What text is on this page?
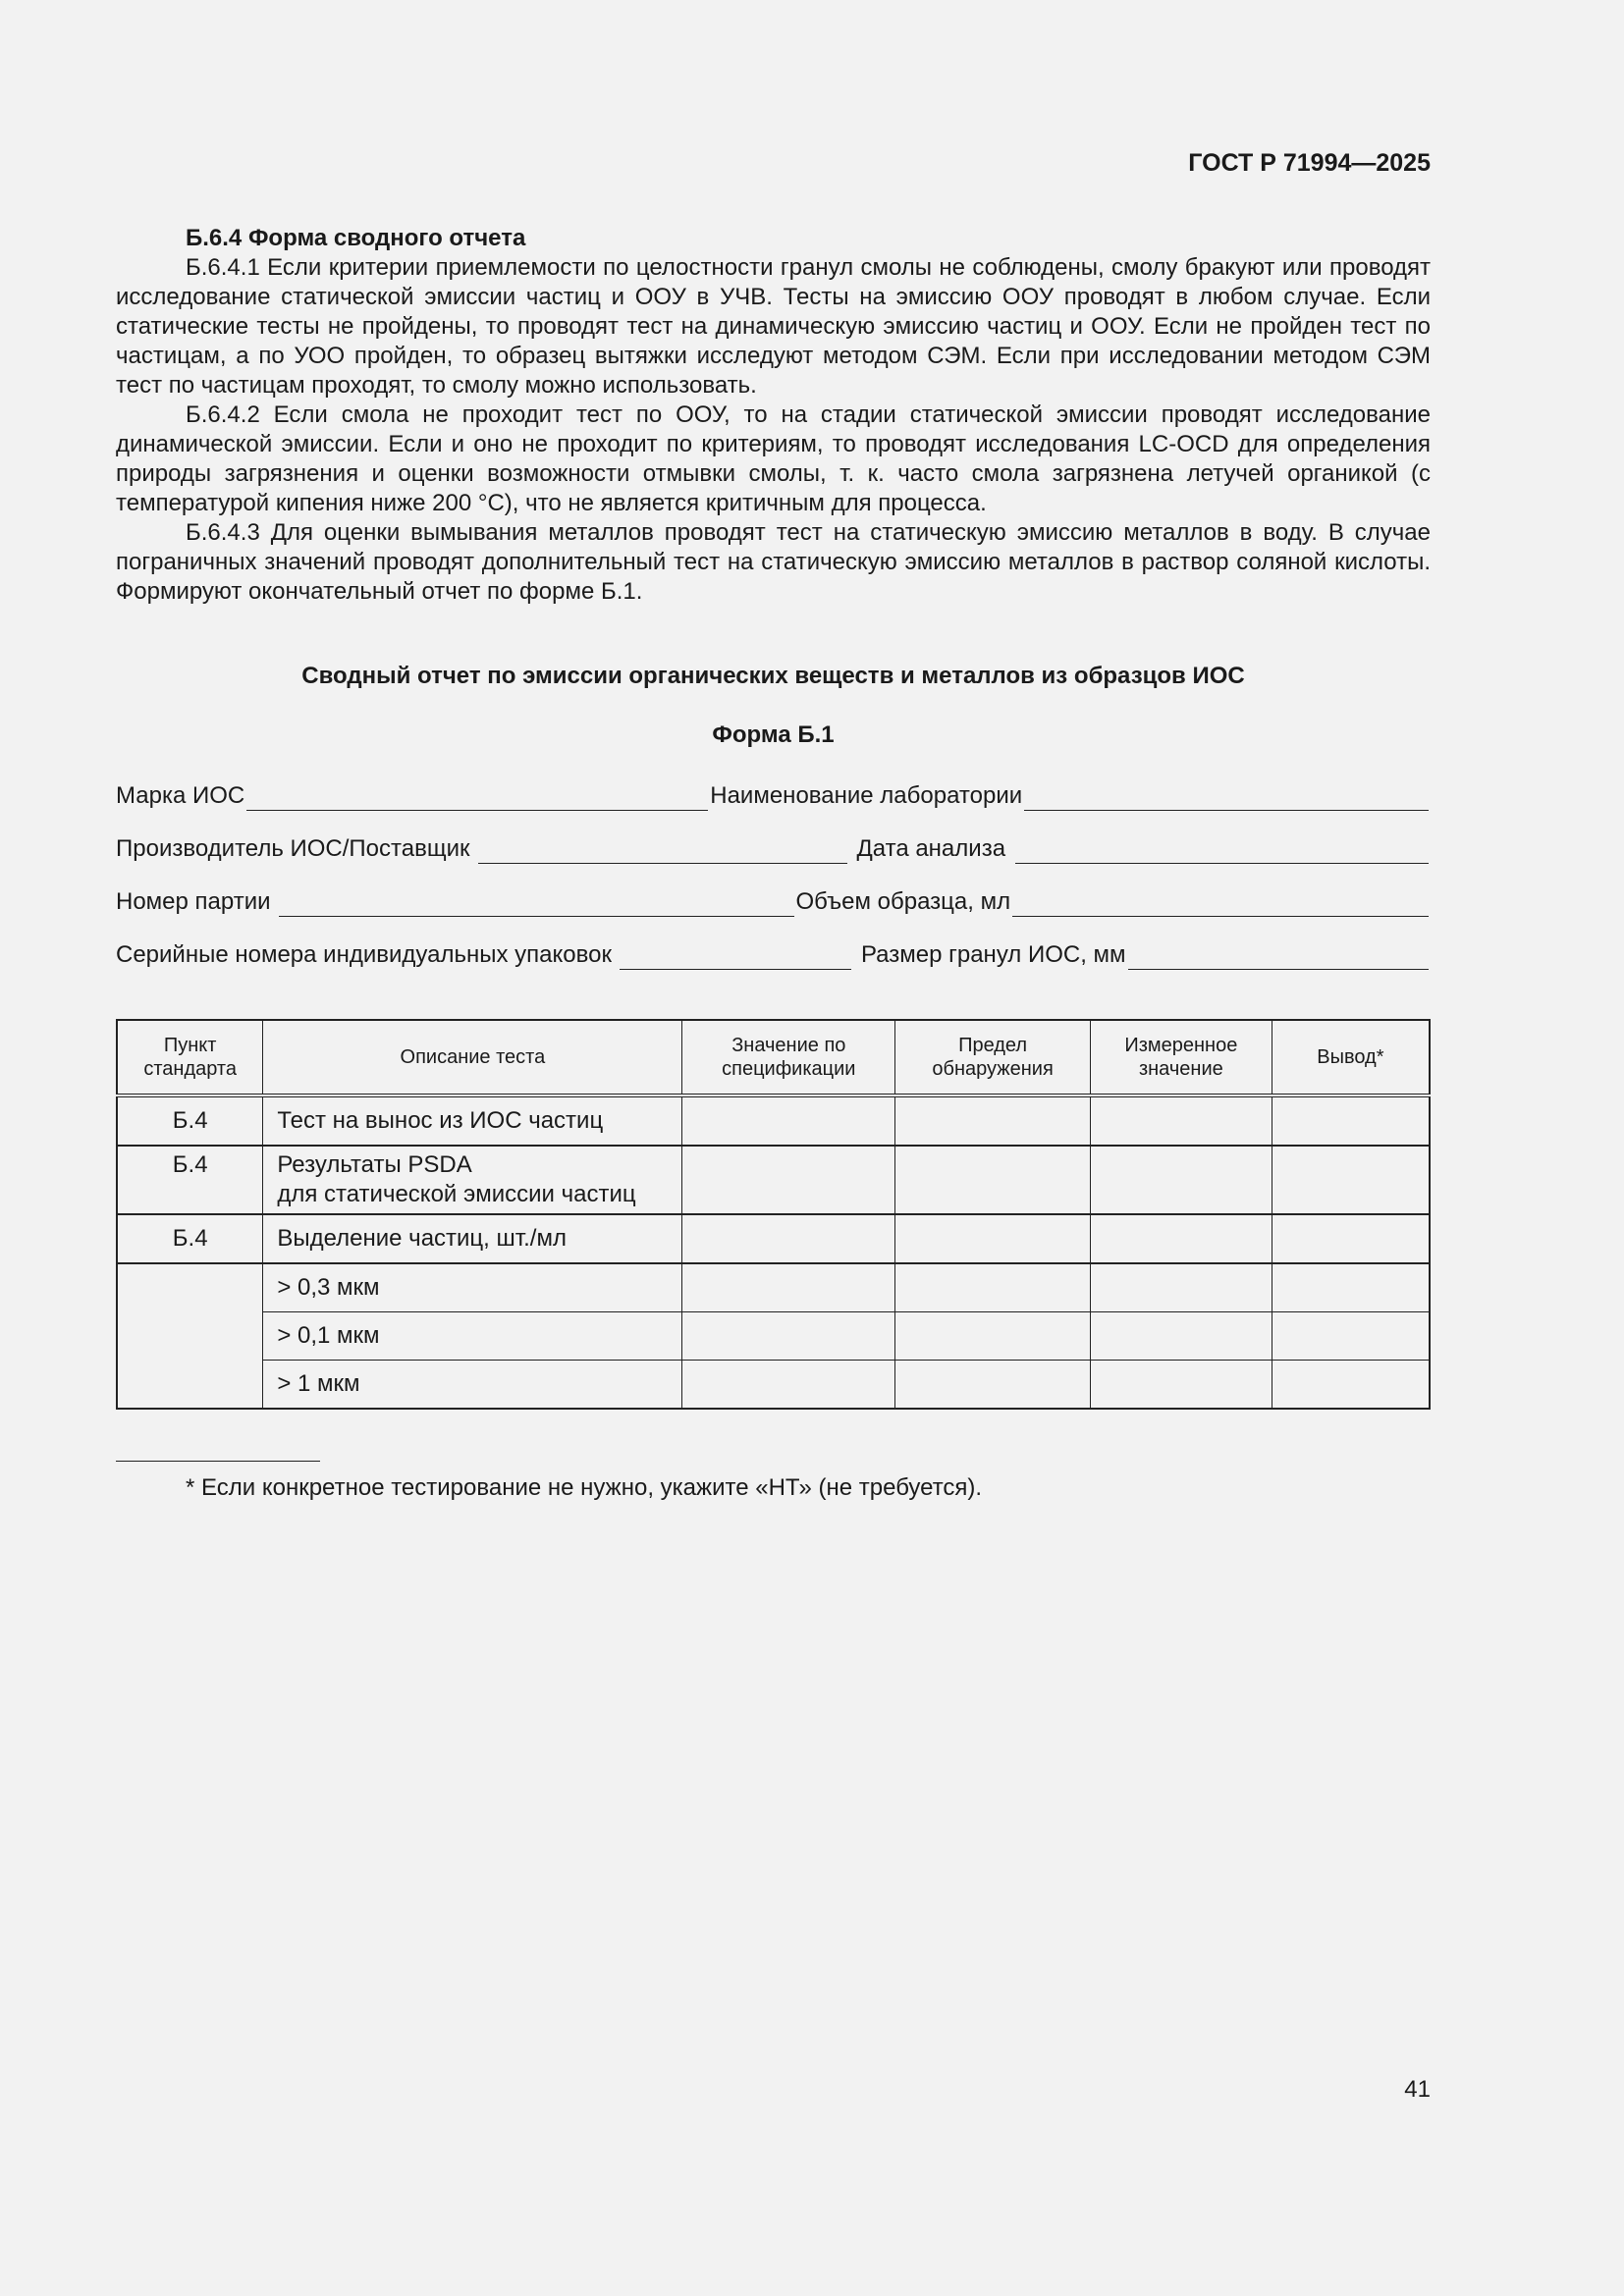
ГОСТ Р 71994—2025
Б.6.4 Форма сводного отчета

Б.6.4.1 Если критерии приемлемости по целостности гранул смолы не соблюдены, смолу бракуют или проводят исследование статической эмиссии частиц и ООУ в УЧВ. Тесты на эмиссию ООУ проводят в любом случае. Если статические тесты не пройдены, то проводят тест на динамическую эмиссию частиц и ООУ. Если не пройден тест по частицам, а по УОО пройден, то образец вытяжки исследуют методом СЭМ. Если при исследовании методом СЭМ тест по частицам проходят, то смолу можно использовать.

Б.6.4.2 Если смола не проходит тест по ООУ, то на стадии статической эмиссии проводят исследование динамической эмиссии. Если и оно не проходит по критериям, то проводят исследования LC-OCD для определения природы загрязнения и оценки возможности отмывки смолы, т. к. часто смола загрязнена летучей органикой (с температурой кипения ниже 200 °C), что не является критичным для процесса.

Б.6.4.3 Для оценки вымывания металлов проводят тест на статическую эмиссию металлов в воду. В случае пограничных значений проводят дополнительный тест на статическую эмиссию металлов в раствор соляной кислоты. Формируют окончательный отчет по форме Б.1.

Сводный отчет по эмиссии органических веществ и металлов из образцов ИОС
Форма Б.1
Марка ИОС	Наименование лаборатории
Производитель ИОС/Поставщик	Дата анализа
Номер партии	Объем образца, мл
Серийные номера индивидуальных упаковок	Размер гранул ИОС, мм
Пункт стандарта	Описание теста	Значение по спецификации	Предел обнаружения	Измеренное значение	Вывод*
Б.4	Тест на вынос из ИОС частиц				
Б.4	Результаты PSDA
для статической эмиссии частиц				

Б.4	Выделение частиц, шт./мл				
	> 0,3 мкм				
	> 0,1 мкм				
	> 1 мкм				
* Если конкретное тестирование не нужно, укажите «НТ» (не требуется).
41
